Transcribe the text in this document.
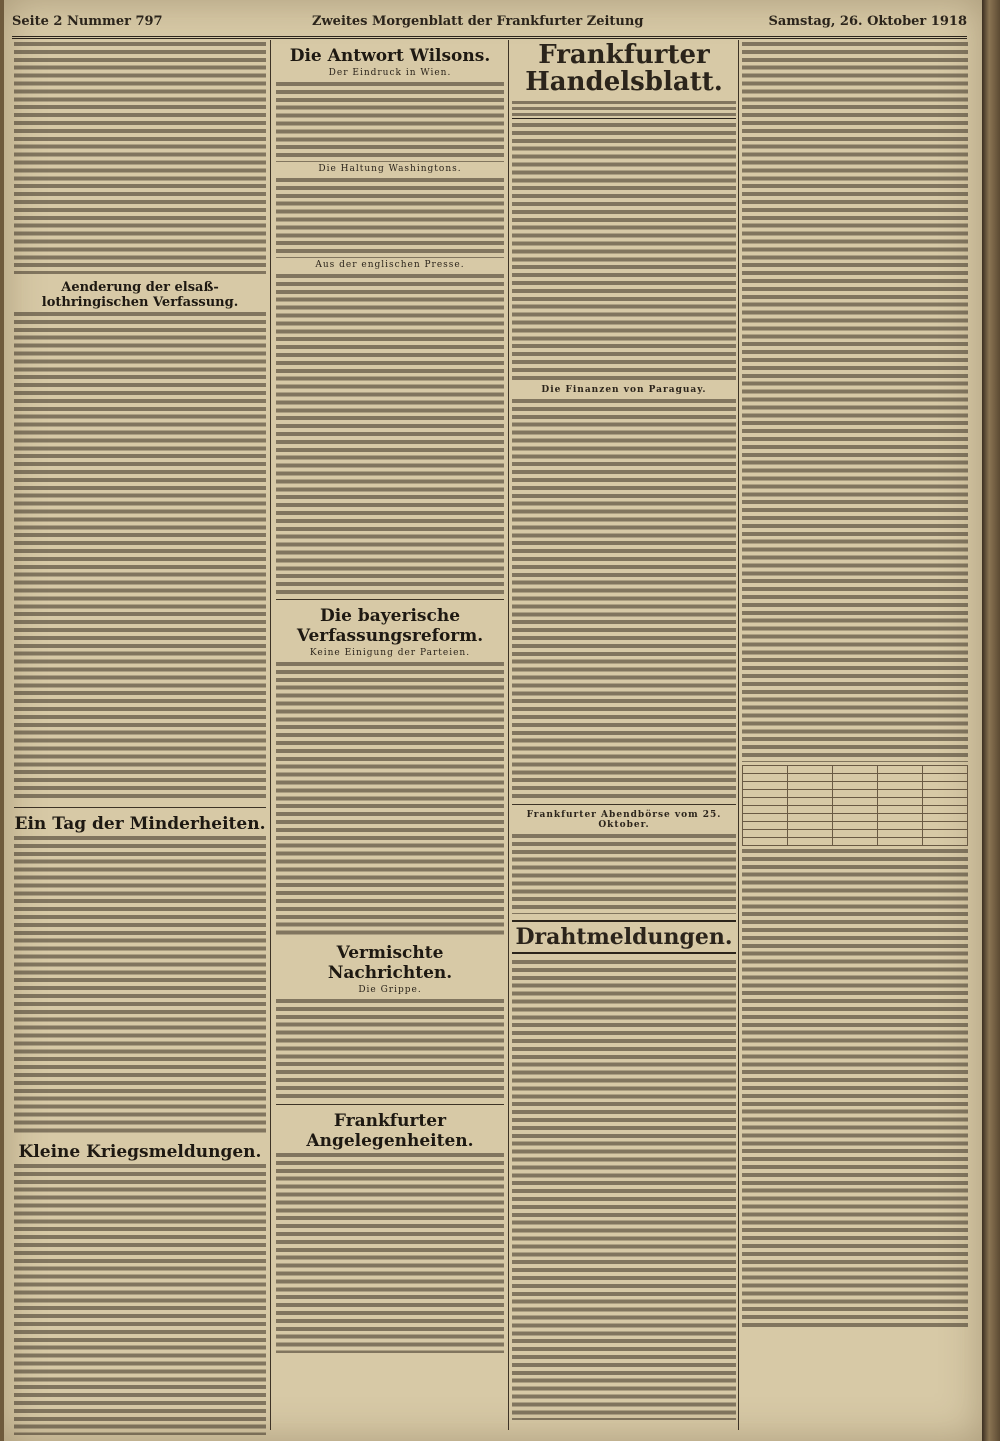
Seite 2 Nummer 797	Zweites Morgenblatt der Frankfurter Zeitung	Samstag, 26. Oktober 1918
Aenderung der elsaß-lothringischen Verfassung.
Ein Tag der Minderheiten.
Kleine Kriegsmeldungen.
Die Antwort Wilsons.
Der Eindruck in Wien.
Die Haltung Washingtons.
Aus der englischen Presse.
Die bayerische Verfassungsreform.
Keine Einigung der Parteien.
Vermischte Nachrichten.
Die Grippe.
Frankfurter Angelegenheiten.
Frankfurter Handelsblatt.
Die Finanzen von Paraguay.
Frankfurter Abendbörse vom 25. Oktober.
Drahtmeldungen.
